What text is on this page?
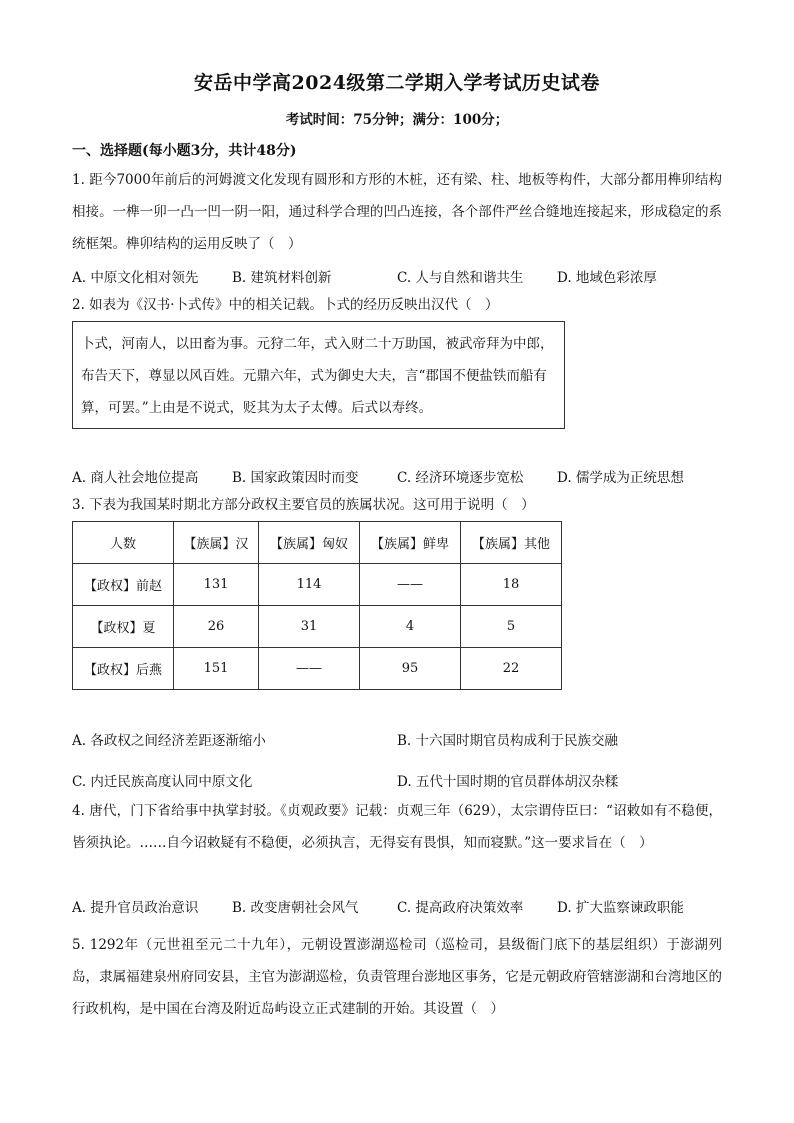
安岳中学高2024级第二学期入学考试历史试卷
考试时间：75分钟；满分：100分；
一、选择题(每小题3分，共计48分)
1. 距今7000年前后的河姆渡文化发现有圆形和方形的木桩，还有梁、柱、地板等构件，大部分都用榫卯结构相接。一榫一卯一凸一凹一阴一阳，通过科学合理的凹凸连接，各个部件严丝合缝地连接起来，形成稳定的系统框架。榫卯结构的运用反映了（　）
A. 中原文化相对领先 B. 建筑材料创新	C. 人与自然和谐共生 D. 地域色彩浓厚
2. 如表为《汉书·卜式传》中的相关记载。卜式的经历反映出汉代（　）
卜式，河南人，以田畜为事。元狩二年，式入财二十万助国，被武帝拜为中郎，布告天下，尊显以风百姓。元鼎六年，式为御史大夫，言“郡国不便盐铁而船有算，可罢。”上由是不说式，贬其为太子太傅。后式以寿终。
A. 商人社会地位提高 B. 国家政策因时而变	C. 经济环境逐步宽松 D. 儒学成为正统思想
3. 下表为我国某时期北方部分政权主要官员的族属状况。这可用于说明（　）
人数	【族属】汉	【族属】匈奴	【族属】鲜卑	【族属】其他
【政权】前赵	131	114	——	18
【政权】夏	26	31	4	5
【政权】后燕	151	——	95	22
A. 各政权之间经济差距逐渐缩小	B. 十六国时期官员构成利于民族交融
C. 内迁民族高度认同中原文化	D. 五代十国时期的官员群体胡汉杂糅
4. 唐代，门下省给事中执掌封驳。《贞观政要》记载：贞观三年（629），太宗谓侍臣曰：“诏敕如有不稳便，皆须执论。……自今诏敕疑有不稳便，必须执言，无得妄有畏惧，知而寝默。”这一要求旨在（　）
A. 提升官员政治意识 B. 改变唐朝社会风气	C. 提高政府决策效率 D. 扩大监察谏政职能
5. 1292年（元世祖至元二十九年），元朝设置澎湖巡检司（巡检司，县级衙门底下的基层组织）于澎湖列岛，隶属福建泉州府同安县，主官为澎湖巡检，负责管理台澎地区事务，它是元朝政府管辖澎湖和台湾地区的行政机构，是中国在台湾及附近岛屿设立正式建制的开始。其设置（　）
